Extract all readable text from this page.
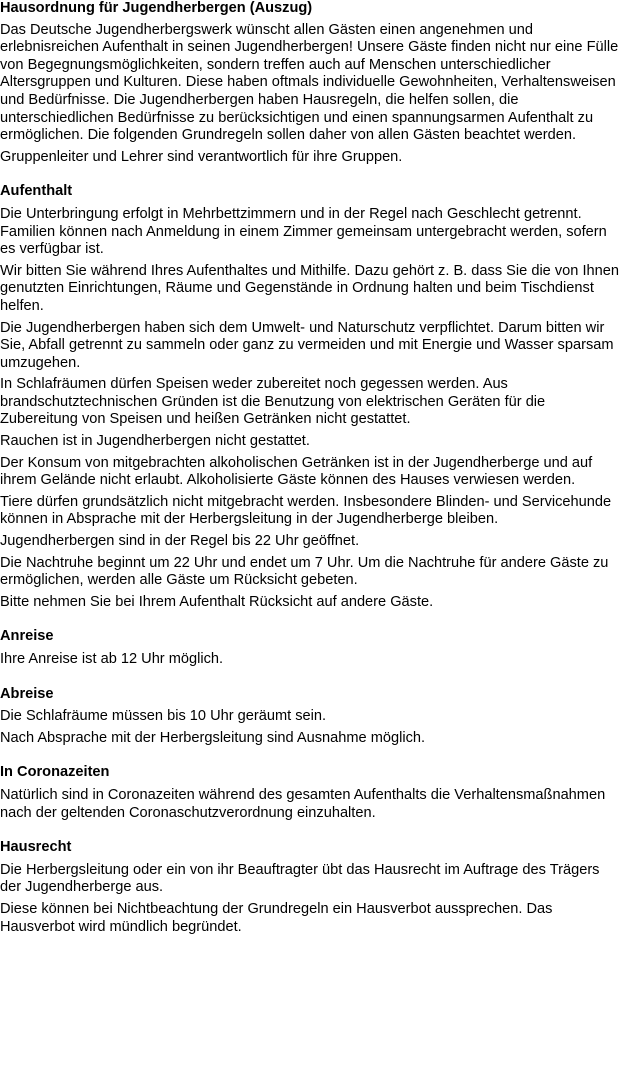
Hausordnung für Jugendherbergen (Auszug)
Das Deutsche Jugendherbergswerk wünscht allen Gästen einen angenehmen und erlebnisreichen Aufenthalt in seinen Jugendherbergen! Unsere Gäste finden nicht nur eine Fülle von Begegnungsmöglichkeiten, sondern treffen auch auf Menschen unterschiedlicher Altersgruppen und Kulturen. Diese haben oftmals individuelle Gewohnheiten, Verhaltensweisen und Bedürfnisse. Die Jugendherbergen haben Hausregeln, die helfen sollen, die unterschiedlichen Bedürfnisse zu berücksichtigen und einen spannungsarmen Aufenthalt zu ermöglichen. Die folgenden Grundregeln sollen daher von allen Gästen beachtet werden.
Gruppenleiter und Lehrer sind verantwortlich für ihre Gruppen.
Aufenthalt
Die Unterbringung erfolgt in Mehrbettzimmern und in der Regel nach Geschlecht getrennt. Familien können nach Anmeldung in einem Zimmer gemeinsam untergebracht werden, sofern es verfügbar ist.
Wir bitten Sie während Ihres Aufenthaltes und Mithilfe. Dazu gehört z. B. dass Sie die von Ihnen genutzten Einrichtungen, Räume und Gegenstände in Ordnung halten und beim Tischdienst helfen.
Die Jugendherbergen haben sich dem Umwelt- und Naturschutz verpflichtet. Darum bitten wir Sie, Abfall getrennt zu sammeln oder ganz zu vermeiden und mit Energie und Wasser sparsam umzugehen.
In Schlafräumen dürfen Speisen weder zubereitet noch gegessen werden. Aus brandschutztechnischen Gründen ist die Benutzung von elektrischen Geräten für die Zubereitung von Speisen und heißen Getränken nicht gestattet.
Rauchen ist in Jugendherbergen nicht gestattet.
Der Konsum von mitgebrachten alkoholischen Getränken ist in der Jugendherberge und auf ihrem Gelände nicht erlaubt. Alkoholisierte Gäste können des Hauses verwiesen werden.
Tiere dürfen grundsätzlich nicht mitgebracht werden. Insbesondere Blinden- und Servicehunde können in Absprache mit der Herbergsleitung in der Jugendherberge bleiben.
Jugendherbergen sind in der Regel bis 22 Uhr geöffnet.
Die Nachtruhe beginnt um 22 Uhr und endet um 7 Uhr. Um die Nachtruhe für andere Gäste zu ermöglichen, werden alle Gäste um Rücksicht gebeten.
Bitte nehmen Sie bei Ihrem Aufenthalt Rücksicht auf andere Gäste.
Anreise
Ihre Anreise ist ab 12 Uhr möglich.
Abreise
Die Schlafräume müssen bis 10 Uhr geräumt sein.
Nach Absprache mit der Herbergsleitung sind Ausnahme möglich.
In Coronazeiten
Natürlich sind in Coronazeiten während des gesamten Aufenthalts die Verhaltensmaßnahmen nach der geltenden Coronaschutzverordnung einzuhalten.
Hausrecht
Die Herbergsleitung oder ein von ihr Beauftragter übt das Hausrecht im Auftrage des Trägers der Jugendherberge aus.
Diese können bei Nichtbeachtung der Grundregeln ein Hausverbot aussprechen. Das Hausverbot wird mündlich begründet.
